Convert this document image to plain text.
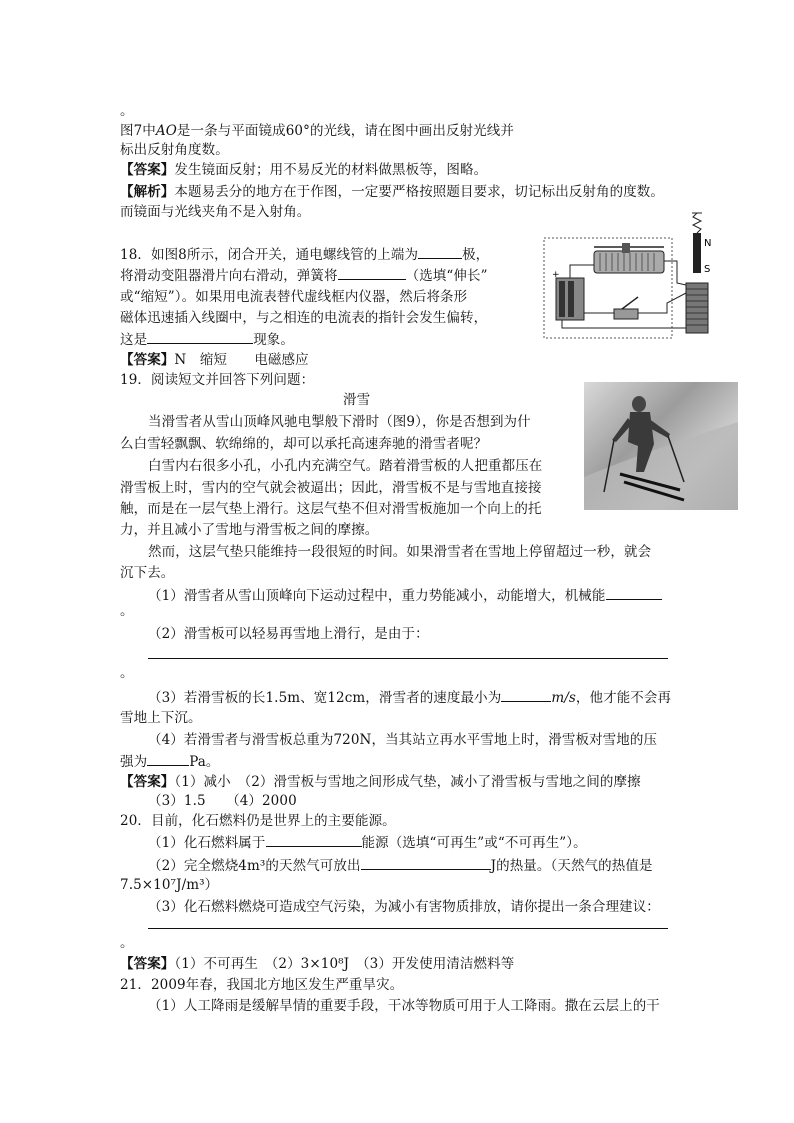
。
图7中AO是一条与平面镜成60°的光线，请在图中画出反射光线并
标出反射角度数。
【答案】发生镜面反射；用不易反光的材料做黑板等，图略。
【解析】本题易丢分的地方在于作图，一定要严格按照题目要求，切记标出反射角的度数。
而镜面与光线夹角不是入射角。
18．如图8所示，闭合开关，通电螺线管的上端为	极，
将滑动变阻器滑片向右滑动，弹簧将	（选填“伸长”
或“缩短”）。如果用电流表替代虚线框内仪器，然后将条形
磁体迅速插入线圈中，与之相连的电流表的指针会发生偏转，
这是	现象。
【答案】N　缩短　　电磁感应
N
S
+
19．阅读短文并回答下列问题：
滑雪
当滑雪者从雪山顶峰风驰电掣般下滑时（图9），你是否想到为什
么白雪轻飘飘、软绵绵的，却可以承托高速奔驰的滑雪者呢？
白雪内右很多小孔，小孔内充满空气。踏着滑雪板的人把重都压在
滑雪板上时，雪内的空气就会被逼出；因此，滑雪板不是与雪地直接接
触，而是在一层气垫上滑行。这层气垫不但对滑雪板施加一个向上的托
力，并且减小了雪地与滑雪板之间的摩擦。
然而，这层气垫只能维持一段很短的时间。如果滑雪者在雪地上停留超过一秒，就会
沉下去。
（1）滑雪者从雪山顶峰向下运动过程中，重力势能减小，动能增大，机械能
。
（2）滑雪板可以轻易再雪地上滑行，是由于：
。
（3）若滑雪板的长1.5m、宽12cm，滑雪者的速度最小为	m/s，他才能不会再
雪地上下沉。
（4）若滑雪者与滑雪板总重为720N，当其站立再水平雪地上时，滑雪板对雪地的压
强为	Pa。
【答案】（1）减小　（2）滑雪板与雪地之间形成气垫，减小了滑雪板与雪地之间的摩擦
（3）1.5　　（4）2000
20．目前，化石燃料仍是世界上的主要能源。
（1）化石燃料属于	能源（选填“可再生”或“不可再生”）。
（2）完全燃烧4m³的天然气可放出	J的热量。（天然气的热值是
7.5×10⁷J/m³）
（3）化石燃料燃烧可造成空气污染，为减小有害物质排放，请你提出一条合理建议：
。
【答案】（1）不可再生　（2）3×10⁸J　（3）开发使用清洁燃料等
21．2009年春，我国北方地区发生严重旱灾。
（1）人工降雨是缓解旱情的重要手段，干冰等物质可用于人工降雨。撒在云层上的干
